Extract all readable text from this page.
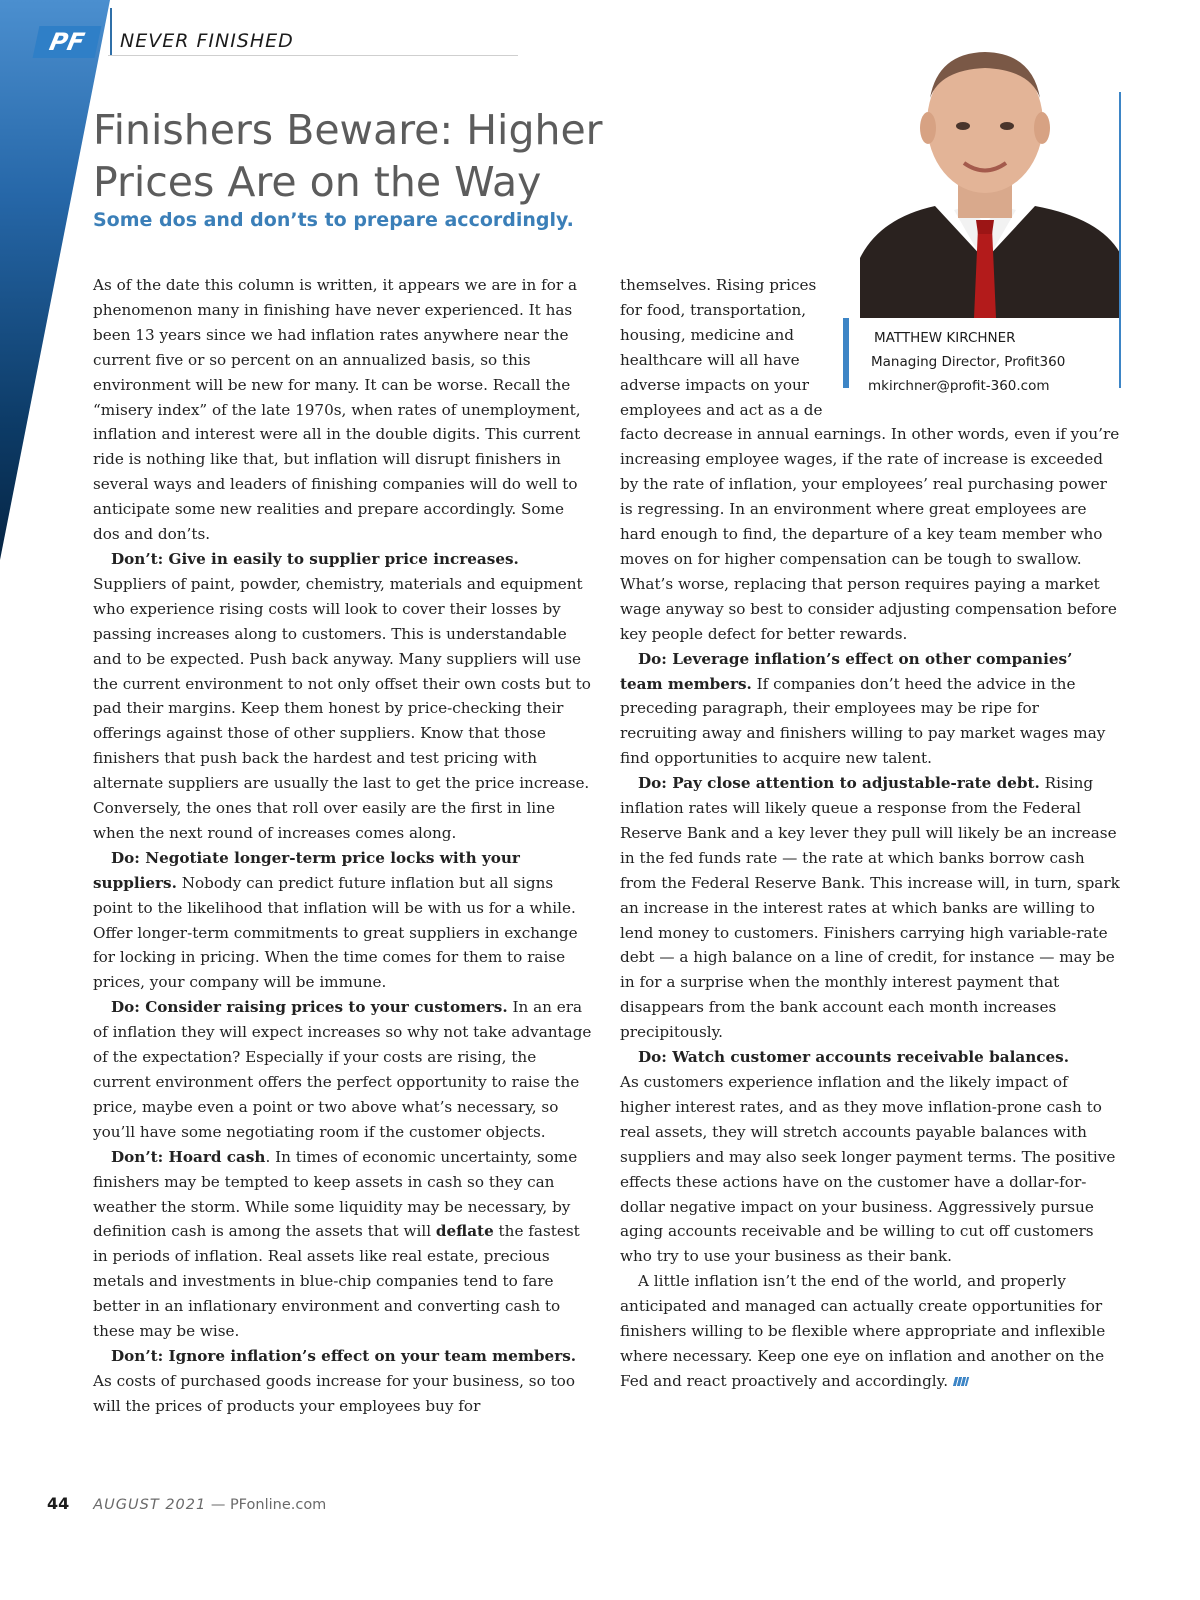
PF	NEVER FINISHED
Finishers Beware: Higher Prices Are on the Way
Some dos and don’ts to prepare accordingly.
MATTHEW KIRCHNER
Managing Director, Profit360
mkirchner@profit-360.com

As of the date this column is written, it appears we are in for a phenomenon many in finishing have never experienced. It has been 13 years since we had inflation rates anywhere near the current five or so percent on an annualized basis, so this environment will be new for many. It can be worse. Recall the “misery index” of the late 1970s, when rates of unemployment, inflation and interest were all in the double digits. This current ride is nothing like that, but inflation will disrupt finishers in several ways and leaders of finishing companies will do well to anticipate some new realities and prepare accordingly. Some dos and don’ts.

Don’t: Give in easily to supplier price increases.

Suppliers of paint, powder, chemistry, materials and equipment who experience rising costs will look to cover their losses by passing increases along to customers. This is understandable and to be expected. Push back anyway. Many suppliers will use the current environment to not only offset their own costs but to pad their margins. Keep them honest by price-checking their offerings against those of other suppliers. Know that those finishers that push back the hardest and test pricing with alternate suppliers are usually the last to get the price increase. Conversely, the ones that roll over easily are the first in line when the next round of increases comes along.

Do: Negotiate longer-term price locks with your suppliers. Nobody can predict future inflation but all signs point to the likelihood that inflation will be with us for a while. Offer longer-term commitments to great suppliers in exchange for locking in pricing. When the time comes for them to raise prices, your company will be immune.

Do: Consider raising prices to your customers. In an era of inflation they will expect increases so why not take advantage of the expectation? Especially if your costs are rising, the current environment offers the perfect opportunity to raise the price, maybe even a point or two above what’s necessary, so you’ll have some negotiating room if the customer objects.

Don’t: Hoard cash. In times of economic uncertainty, some finishers may be tempted to keep assets in cash so they can weather the storm. While some liquidity may be necessary, by definition cash is among the assets that will deflate the fastest in periods of inflation. Real assets like real estate, precious metals and investments in blue-chip companies tend to fare better in an inflationary environment and converting cash to these may be wise.

Don’t: Ignore inflation’s effect on your team members.

As costs of purchased goods increase for your business, so too will the prices of products your employees buy for

themselves. Rising prices for food, transportation, housing, medicine and healthcare will all have adverse impacts on your employees and act as a de

facto decrease in annual earnings. In other words, even if you’re increasing employee wages, if the rate of increase is exceeded by the rate of inflation, your employees’ real purchasing power is regressing. In an environment where great employees are hard enough to find, the departure of a key team member who moves on for higher compensation can be tough to swallow. What’s worse, replacing that person requires paying a market wage anyway so best to consider adjusting compensation before key people defect for better rewards.

Do: Leverage inflation’s effect on other companies’ team members. If companies don’t heed the advice in the preceding paragraph, their employees may be ripe for recruiting away and finishers willing to pay market wages may find opportunities to acquire new talent.

Do: Pay close attention to adjustable-rate debt. Rising inflation rates will likely queue a response from the Federal Reserve Bank and a key lever they pull will likely be an increase in the fed funds rate — the rate at which banks borrow cash from the Federal Reserve Bank. This increase will, in turn, spark an increase in the interest rates at which banks are willing to lend money to customers. Finishers carrying high variable-rate debt — a high balance on a line of credit, for instance — may be in for a surprise when the monthly interest payment that disappears from the bank account each month increases precipitously.

Do: Watch customer accounts receivable balances.

As customers experience inflation and the likely impact of higher interest rates, and as they move inflation-prone cash to real assets, they will stretch accounts payable balances with suppliers and may also seek longer payment terms. The positive effects these actions have on the customer have a dollar-for-dollar negative impact on your business. Aggressively pursue aging accounts receivable and be willing to cut off customers who try to use your business as their bank.

A little inflation isn’t the end of the world, and properly anticipated and managed can actually create opportunities for finishers willing to be flexible where appropriate and inflexible where necessary. Keep one eye on inflation and another on the Fed and react proactively and accordingly.

44 AUGUST 2021 — PFonline.com
